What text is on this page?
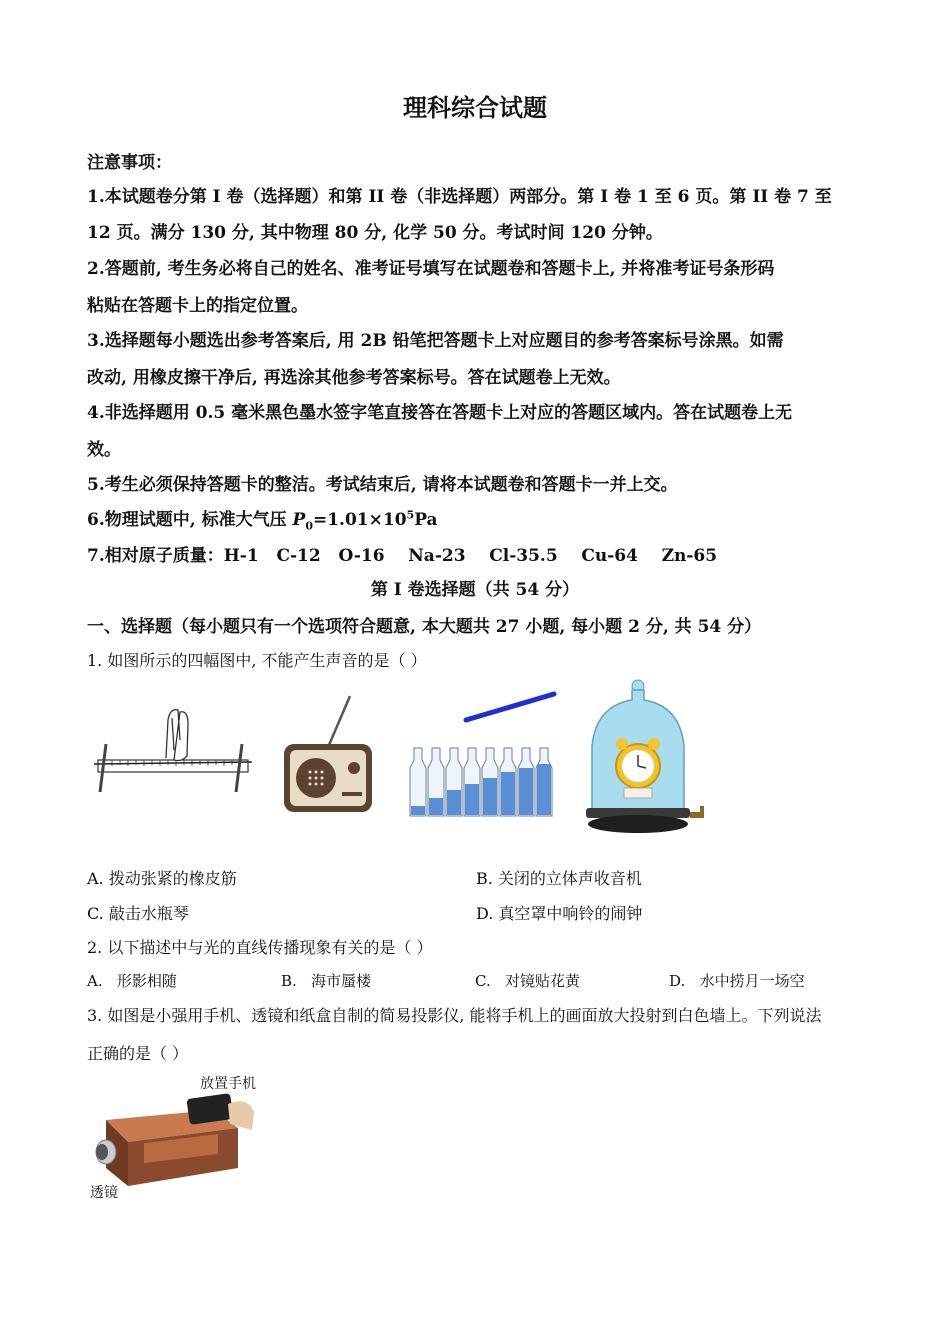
理科综合试题
注意事项：
1.本试题卷分第 I 卷（选择题）和第 II 卷（非选择题）两部分。第 I 卷 1 至 6 页。第 II 卷 7 至
12 页。满分 130 分, 其中物理 80 分, 化学 50 分。考试时间 120 分钟。
2.答题前, 考生务必将自己的姓名、准考证号填写在试题卷和答题卡上, 并将准考证号条形码
粘贴在答题卡上的指定位置。
3.选择题每小题选出参考答案后, 用 2B 铅笔把答题卡上对应题目的参考答案标号涂黑。如需
改动, 用橡皮擦干净后, 再选涂其他参考答案标号。答在试题卷上无效。
4.非选择题用 0.5 毫米黑色墨水签字笔直接答在答题卡上对应的答题区域内。答在试题卷上无
效。
5.考生必须保持答题卡的整洁。考试结束后, 请将本试题卷和答题卡一并上交。
6.物理试题中, 标准大气压 $P_0=1.01\times 10^5Pa$
7.相对原子质量：H-1   C-12   O-16    Na-23    Cl-35.5    Cu-64    Zn-65
第 I 卷选择题（共 54 分）
一、选择题（每小题只有一个选项符合题意, 本大题共 27 小题, 每小题 2 分, 共 54 分）
1. 如图所示的四幅图中, 不能产生声音的是（ ）
A. 拨动张紧的橡皮筋	B. 关闭的立体声收音机
C. 敲击水瓶琴	D. 真空罩中响铃的闹钟
2. 以下描述中与光的直线传播现象有关的是（ ）
A.   形影相随	B.   海市蜃楼	C.   对镜贴花黄	D.   水中捞月一场空
3. 如图是小强用手机、透镜和纸盒自制的简易投影仪, 能将手机上的画面放大投射到白色墙上。下列说法
正确的是（ ）
放置手机
透镜
